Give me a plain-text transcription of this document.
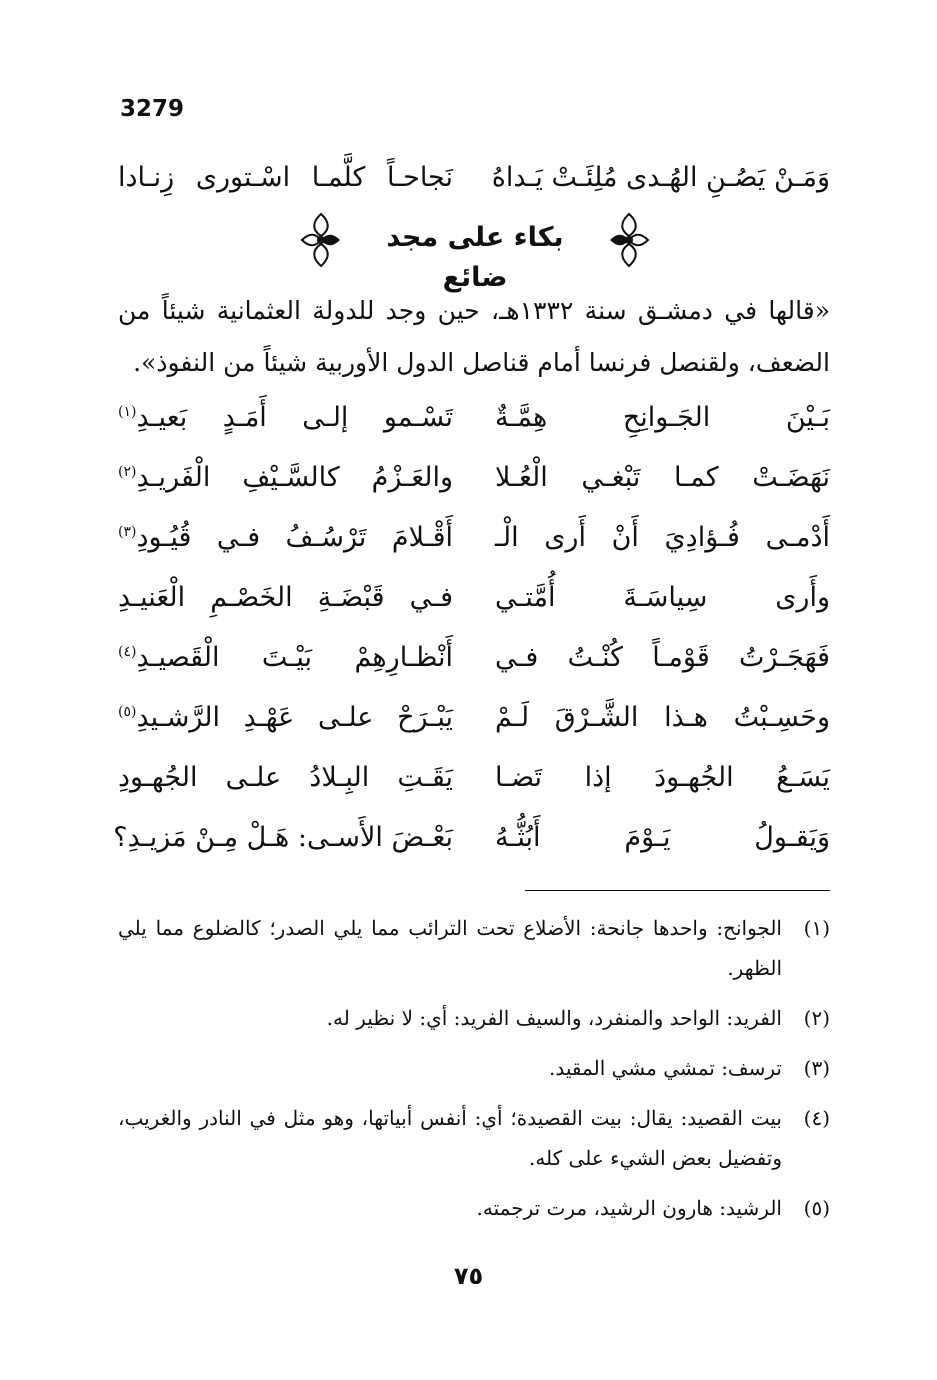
3279
وَمَـنْ يَصُـنِ الهُـدى مُلِئَـتْ يَـداهُ
نَجاحـاً كلَّمـا اسْـتورى زِنـادا
بكاء على مجد ضائع
«قالها في دمشـق سنة ١٣٣٢هـ، حين وجد للدولة العثمانية شيئاً من الضعف، ولقنصل فرنسا أمام قناصل الدول الأوربية شيئاً من النفوذ».
بَـيْنَ الجَـوانِحِ هِمَّـةٌ
تَسْـمو إلـى أَمَـدٍ بَعيـدِ$^{(١)}$
نَهَضَـتْ كمـا تَبْغـي الْعُـلا
والعَـزْمُ كالسَّـيْفِ الْفَريـدِ$^{(٢)}$
أَدْمـى فُـؤادِيَ أَنْ أَرى الْـ
أَقْـلامَ تَرْسُـفُ فـي قُيُـودِ$^{(٣)}$
وأَرى سِياسَـةَ أُمَّتـي
فـي قَبْضَـةِ الخَصْـمِ الْعَنيـدِ
فَهَجَـرْتُ قَوْمـاً كُنْـتُ فـي
أَنْظـارِهِمْ بَيْـتَ الْقَصيـدِ$^{(٤)}$
وحَسِـبْتُ هـذا الشَّـرْقَ لَـمْ
يَبْـرَحْ علـى عَهْـدِ الرَّشـيدِ$^{(٥)}$
يَسَـعُ الجُهـودَ إذا تَضـا
يَقَـتِ البِـلادُ علـى الجُهـودِ
وَيَقـولُ يَـوْمَ أَبُثُّـهُ
بَعْـضَ الأَسـى: هَـلْ مِـنْ مَزيـدِ؟
(١)
الجوانح: واحدها جانحة: الأضلاع تحت الترائب مما يلي الصدر؛ كالضلوع مما يلي الظهر.
(٢)
الفريد: الواحد والمنفرد، والسيف الفريد: أي: لا نظير له.
(٣)
ترسف: تمشي مشي المقيد.
(٤)
بيت القصيد: يقال: بيت القصيدة؛ أي: أنفس أبياتها، وهو مثل في النادر والغريب، وتفضيل بعض الشيء على كله.
(٥)
الرشيد: هارون الرشيد، مرت ترجمته.
٧٥
